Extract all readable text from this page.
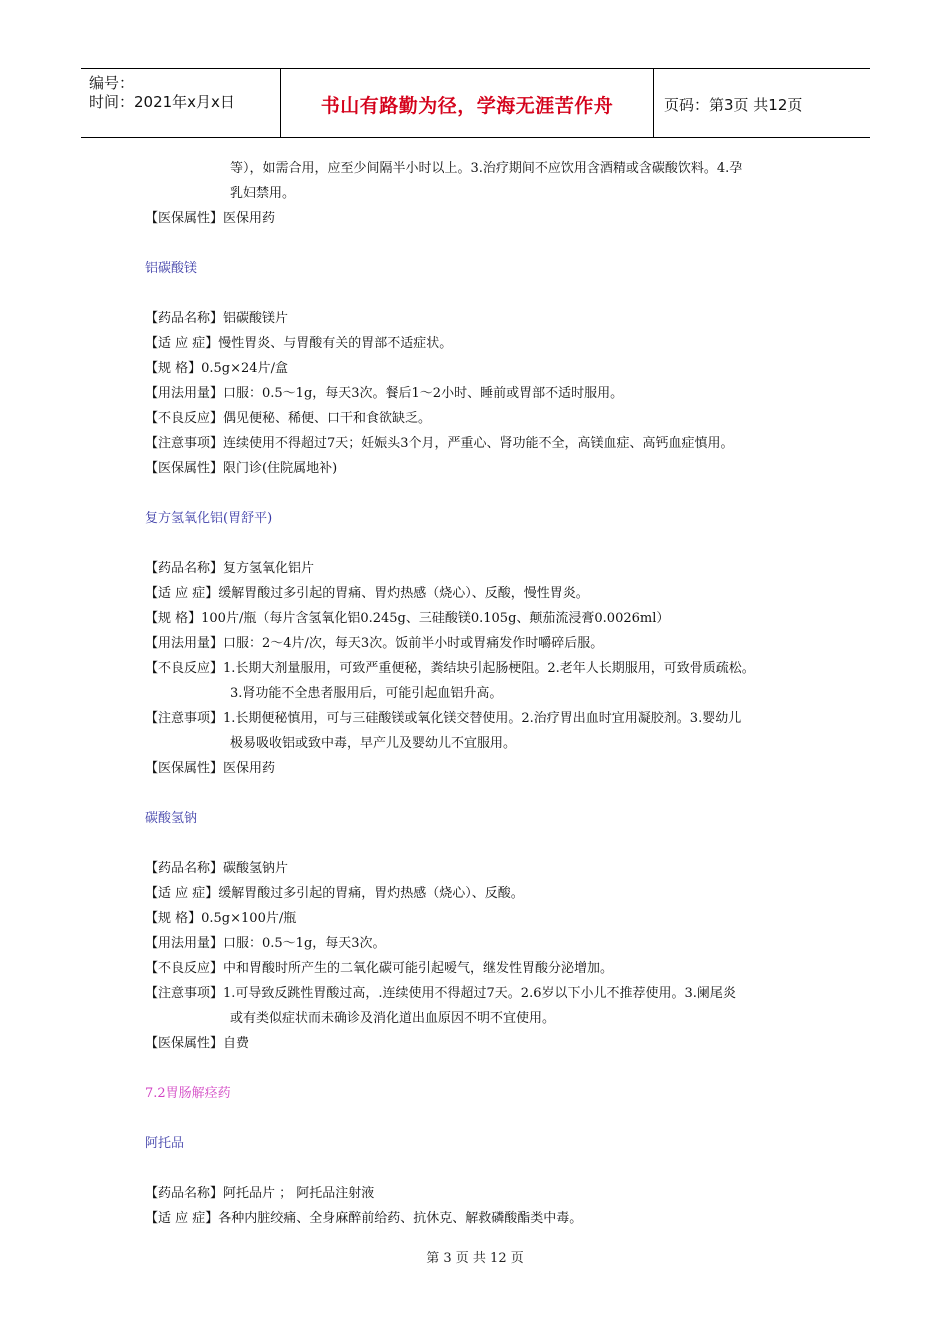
编号：
时间：2021年x月x日	书山有路勤为径，学海无涯苦作舟	页码：第3页 共12页
等），如需合用，应至少间隔半小时以上。3.治疗期间不应饮用含酒精或含碳酸饮料。4.孕
乳妇禁用。
【医保属性】医保用药
铝碳酸镁
【药品名称】铝碳酸镁片
【适 应 症】慢性胃炎、与胃酸有关的胃部不适症状。
【规 格】0.5g×24片/盒
【用法用量】口服：0.5～1g，每天3次。餐后1～2小时、睡前或胃部不适时服用。
【不良反应】偶见便秘、稀便、口干和食欲缺乏。
【注意事项】连续使用不得超过7天；妊娠头3个月，严重心、肾功能不全，高镁血症、高钙血症慎用。
【医保属性】限门诊(住院属地补)
复方氢氧化铝(胃舒平)
【药品名称】复方氢氧化铝片
【适 应 症】缓解胃酸过多引起的胃痛、胃灼热感（烧心）、反酸，慢性胃炎。
【规 格】100片/瓶（每片含氢氧化铝0.245g、三硅酸镁0.105g、颠茄流浸膏0.0026ml）
【用法用量】口服：2～4片/次，每天3次。饭前半小时或胃痛发作时嚼碎后服。
【不良反应】1.长期大剂量服用，可致严重便秘，粪结块引起肠梗阻。2.老年人长期服用，可致骨质疏松。
3.肾功能不全患者服用后，可能引起血铝升高。
【注意事项】1.长期便秘慎用，可与三硅酸镁或氧化镁交替使用。2.治疗胃出血时宜用凝胶剂。3.婴幼儿
极易吸收铝或致中毒，早产儿及婴幼儿不宜服用。
【医保属性】医保用药
碳酸氢钠
【药品名称】碳酸氢钠片
【适 应 症】缓解胃酸过多引起的胃痛，胃灼热感（烧心）、反酸。
【规 格】0.5g×100片/瓶
【用法用量】口服：0.5～1g，每天3次。
【不良反应】中和胃酸时所产生的二氧化碳可能引起嗳气，继发性胃酸分泌增加。
【注意事项】1.可导致反跳性胃酸过高，.连续使用不得超过7天。2.6岁以下小儿不推荐使用。3.阑尾炎
或有类似症状而未确诊及消化道出血原因不明不宜使用。
【医保属性】自费
7.2胃肠解痉药
阿托品
【药品名称】阿托品片 ； 阿托品注射液
【适 应 症】各种内脏绞痛、全身麻醉前给药、抗休克、解救磷酸酯类中毒。
第 3 页 共 12 页
